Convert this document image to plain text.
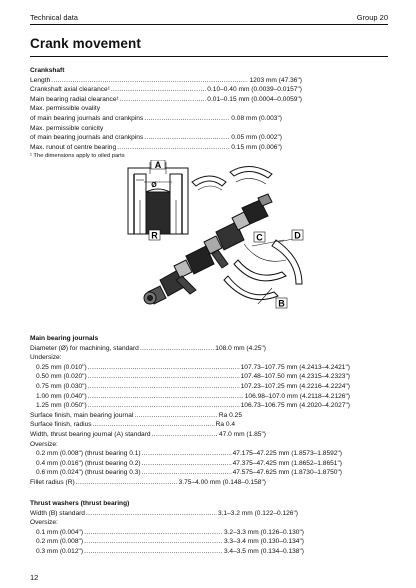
Technical data	Group 20
Crank movement
Crankshaft
Length .....	1203 mm (47.36")
Crankshaft axial clearance¹ .....	0.10–0.40 mm (0.0039–0.0157")
Main bearing radial clearance¹ .....	0.01–0.15 mm (0.0004–0.0059")
Max. permissible ovality
of main bearing journals and crankpins .....	0.08 mm (0.003")
Max. permissible conicity
of main bearing journals and crankpins .....	0.05 mm (0.002")
Max. runout of centre bearing .....	0.15 mm (0.006")
¹ The dimensions apply to oiled parts
A
R
Ø
C	D
B
Main bearing journals
Diameter (Ø) for machining, standard .....	108.0 mm (4.25")
Undersize:
0.25 mm (0.010") .....	107.73–107.75 mm (4.2413–4.2421")
0.50 mm (0.020") .....	107.48–107.50 mm (4.2315–4.2323")
0.75 mm (0.030") .....	107.23–107.25 mm (4.2216–4.2224")
1.00 mm (0.040") .....	106.98–107.0 mm (4.2118–4.2126")
1.25 mm (0.050") .....	106.73–106.75 mm (4.2020–4.2027")
Surface finish, main bearing journal .....	Ra 0.25
Surface finish, radius .....	Ra 0.4
Width, thrust bearing journal (A) standard .....	47.0 mm (1.85")
Oversize:
0.2 mm (0.008") (thrust bearing 0.1) .....	47.175–47.225 mm (1.8573–1.8592")
0.4 mm (0.016") (thrust bearing 0.2) .....	47.375–47.425 mm (1.8652–1.8651")
0.6 mm (0.024") (thrust bearing 0.3) .....	47.575–47.625 mm (1.8730–1.8750")
Fillet radius (R) .....	3.75–4.00 mm (0.148–0.158")
Thrust washers (thrust bearing)
Width (B) standard .....	3.1–3.2 mm (0.122–0.126")
Oversize:
0.1 mm (0.004") .....	3.2–3.3 mm (0.126–0.130")
0.2 mm (0.008") .....	3.3–3.4 mm (0.130–0.134")
0.3 mm (0.012") .....	3.4–3.5 mm (0.134–0.138")
12
